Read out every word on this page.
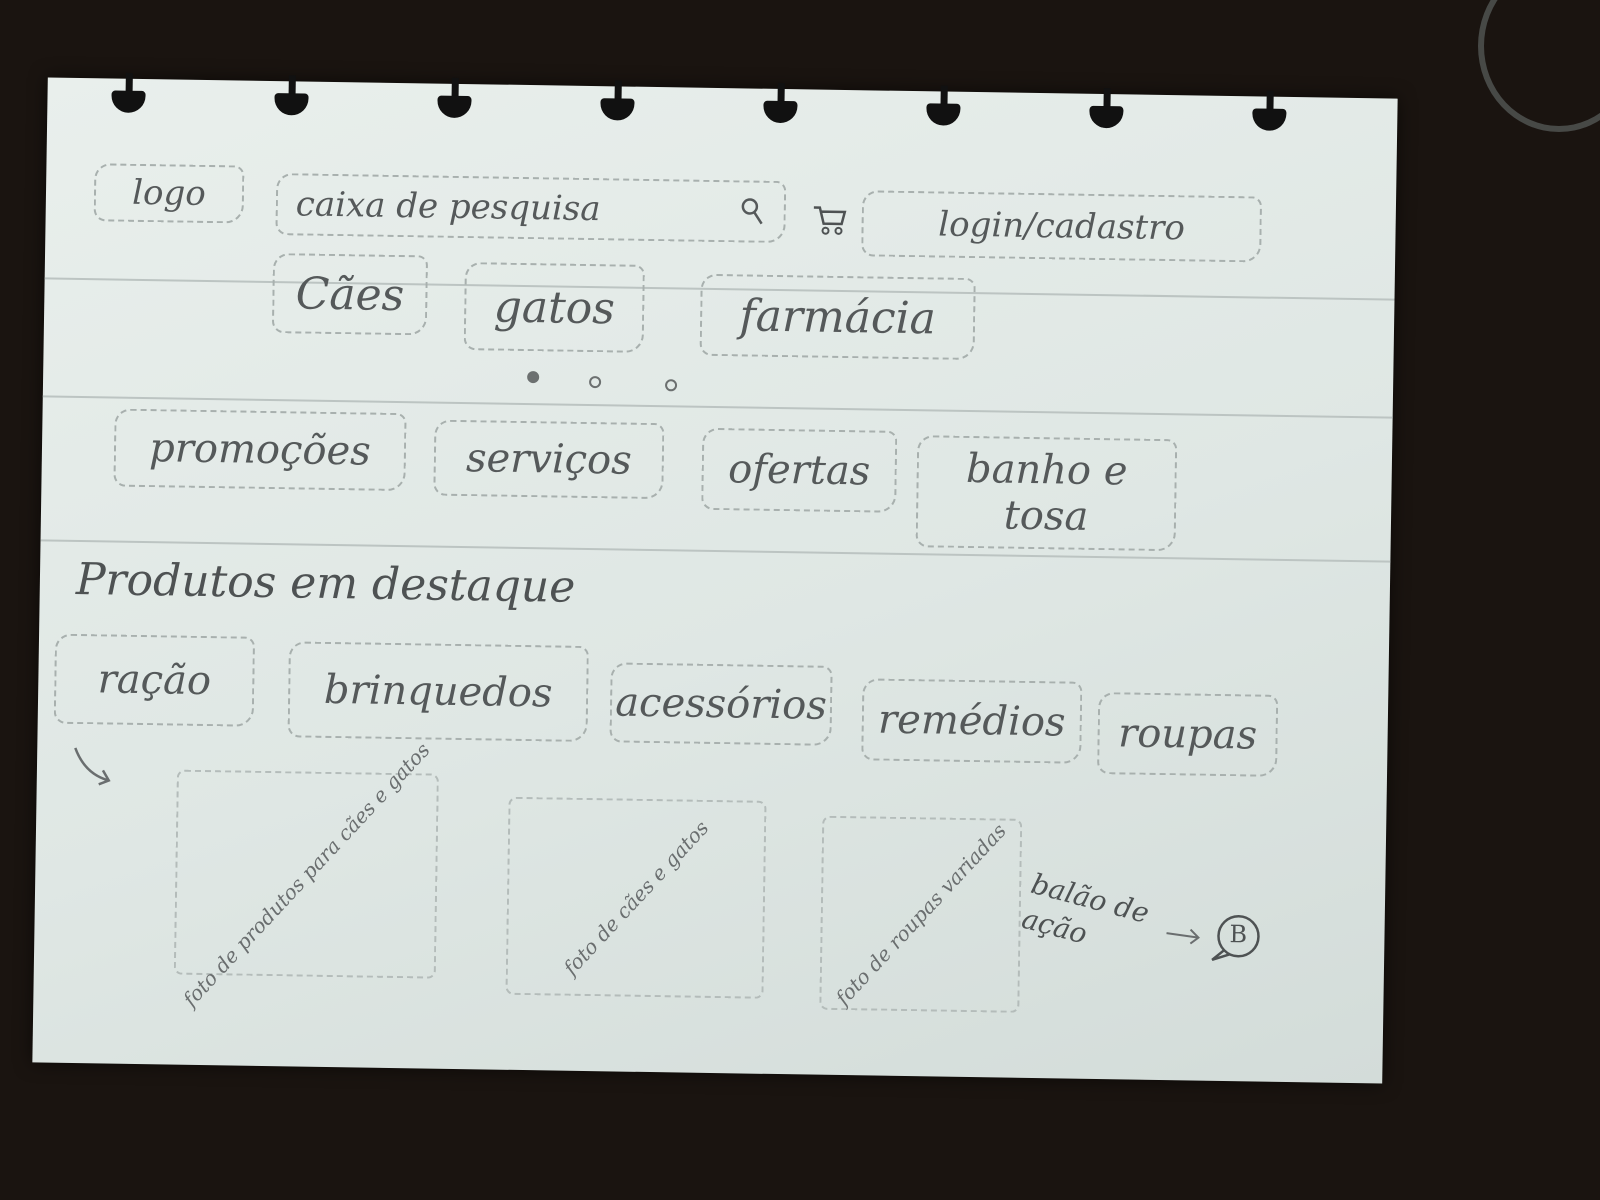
logo	caixa de pesquisa	login/cadastro
Cães gatos	farmácia
promoções serviços ofertas	banho e tosa
Produtos em destaque
ração	brinquedos acessórios remédios roupas
foto de produtos para cães e gatos	foto de cães e gatos	foto de roupas variadas balão de ação	B
